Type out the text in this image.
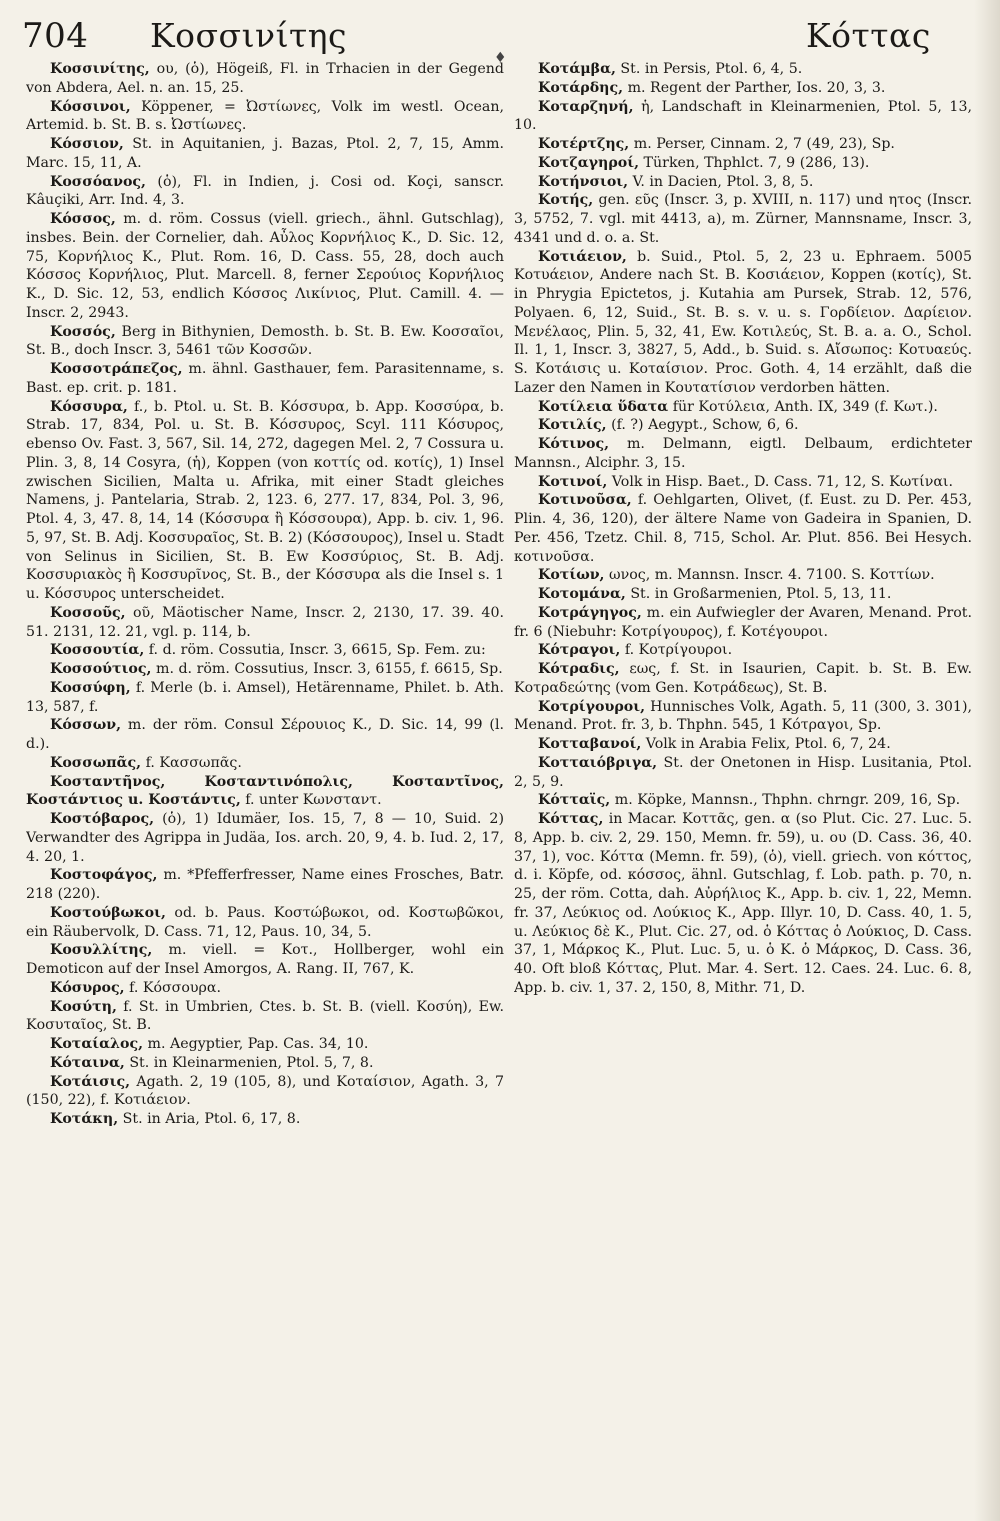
704 Κοσσινίτης	Κόττας
♦

Κοσσινίτης, ου, (ὁ), Högeiß, Fl. in Trhacien in der Gegend von Abdera, Ael. n. an. 15, 25.

Κόσσινοι, Köppener, = Ὠστίωνες, Volk im westl. Ocean, Artemid. b. St. B. s. Ὠστίωνες.

Κόσσιον, St. in Aquitanien, j. Bazas, Ptol. 2, 7, 15, Amm. Marc. 15, 11, A.

Κοσσόανος, (ὁ), Fl. in Indien, j. Cosi od. Koçi, sanscr. Kâuçiki, Arr. Ind. 4, 3.

Κόσσος, m. d. röm. Cossus (viell. griech., ähnl. Gutschlag), insbes. Bein. der Cornelier, dah. Αὖλος Κορνήλιος K., D. Sic. 12, 75, Κορνήλιος K., Plut. Rom. 16, D. Cass. 55, 28, doch auch Κόσσος Κορνήλιος, Plut. Marcell. 8, ferner Σερούιος Κορνήλιος K., D. Sic. 12, 53, endlich Κόσσος Λικίνιος, Plut. Camill. 4. — Inscr. 2, 2943.

Κοσσός, Berg in Bithynien, Demosth. b. St. B. Ew. Κοσσαῖοι, St. B., doch Inscr. 3, 5461 τῶν Κοσσῶν.

Κοσσοτράπεζος, m. ähnl. Gasthauer, fem. Parasitenname, s. Bast. ep. crit. p. 181.

Κόσσυρα, f., b. Ptol. u. St. B. Κόσσυρα, b. App. Κοσσύρα, b. Strab. 17, 834, Pol. u. St. B. Κόσσυρος, Scyl. 111 Κόσυρος, ebenso Ov. Fast. 3, 567, Sil. 14, 272, dagegen Mel. 2, 7 Cossura u. Plin. 3, 8, 14 Cosyra, (ἡ), Koppen (von κοττίς od. κοτίς), 1) Insel zwischen Sicilien, Malta u. Afrika, mit einer Stadt gleiches Namens, j. Pantelaria, Strab. 2, 123. 6, 277. 17, 834, Pol. 3, 96, Ptol. 4, 3, 47. 8, 14, 14 (Κόσσυρα ἢ Κόσσουρα), App. b. civ. 1, 96. 5, 97, St. B. Adj. Κοσσυραῖος, St. B. 2) (Κόσσουρος), Insel u. Stadt von Selinus in Sicilien, St. B. Ew Κοσσύριος, St. B. Adj. Κοσσυριακὸς ἢ Κοσσυρῖνος, St. B., der Κόσσυρα als die Insel s. 1 u. Κόσσυρος unterscheidet.

Κοσσοῦς, οῦ, Mäotischer Name, Inscr. 2, 2130, 17. 39. 40. 51. 2131, 12. 21, vgl. p. 114, b.

Κοσσουτία, f. d. röm. Cossutia, Inscr. 3, 6615, Sp. Fem. zu:

Κοσσούτιος, m. d. röm. Cossutius, Inscr. 3, 6155, f. 6615, Sp.

Κοσσύφη, f. Merle (b. i. Amsel), Hetärenname, Philet. b. Ath. 13, 587, f.

Κόσσων, m. der röm. Consul Σέρουιος K., D. Sic. 14, 99 (l. d.).

Κοσσωπᾶς, f. Κασσωπᾶς.

Κοσταντῆνος, Κοσταντινόπολις, Κοσταντῖνος, Κοστάντιος u. Κοστάντις, f. unter Κωνσταντ.

Κοστόβαρος, (ὁ), 1) Idumäer, Ios. 15, 7, 8 — 10, Suid. 2) Verwandter des Agrippa in Judäa, Ios. arch. 20, 9, 4. b. Iud. 2, 17, 4. 20, 1.

Κοστοφάγος, m. *Pfefferfresser, Name eines Frosches, Batr. 218 (220).

Κοστούβωκοι, od. b. Paus. Κοστώβωκοι, od. Κοστωβῶκοι, ein Räubervolk, D. Cass. 71, 12, Paus. 10, 34, 5.

Κοσυλλίτης, m. viell. = Κοτ., Hollberger, wohl ein Demoticon auf der Insel Amorgos, A. Rang. II, 767, K.

Κόσυρος, f. Κόσσουρα.

Κοσύτη, f. St. in Umbrien, Ctes. b. St. B. (viell. Κοσύη), Ew. Κοσυταῖος, St. B.

Κοταίαλος, m. Aegyptier, Pap. Cas. 34, 10.

Κόταινα, St. in Kleinarmenien, Ptol. 5, 7, 8.

Κοτάισις, Agath. 2, 19 (105, 8), und Κοταίσιον, Agath. 3, 7 (150, 22), f. Κοτιάειον.

Κοτάκη, St. in Aria, Ptol. 6, 17, 8.

Κοτάμβα, St. in Persis, Ptol. 6, 4, 5.

Κοτάρδης, m. Regent der Parther, Ios. 20, 3, 3.

Κοταρζηνή, ἡ, Landschaft in Kleinarmenien, Ptol. 5, 13, 10.

Κοτέρτζης, m. Perser, Cinnam. 2, 7 (49, 23), Sp.

Κοτζαγηροί, Türken, Thphlct. 7, 9 (286, 13).

Κοτήνσιοι, V. in Dacien, Ptol. 3, 8, 5.

Κοτής, gen. εῦς (Inscr. 3, p. XVIII, n. 117) und ητος (Inscr. 3, 5752, 7. vgl. mit 4413, a), m. Zürner, Mannsname, Inscr. 3, 4341 und d. o. a. St.

Κοτιάειον, b. Suid., Ptol. 5, 2, 23 u. Ephraem. 5005 Κοτυάειον, Andere nach St. B. Κοσιάειον, Koppen (κοτίς), St. in Phrygia Epictetos, j. Kutahia am Pursek, Strab. 12, 576, Polyaen. 6, 12, Suid., St. B. s. v. u. s. Γορδίειον. Δαρίειον. Μενέλαος, Plin. 5, 32, 41, Ew. Κοτιλεύς, St. B. a. a. O., Schol. Il. 1, 1, Inscr. 3, 3827, 5, Add., b. Suid. s. Αἴσωπος: Κοτυαεύς. S. Κοτάισις u. Κοταίσιον. Proc. Goth. 4, 14 erzählt, daß die Lazer den Namen in Κουτατίσιον verdorben hätten.

Κοτίλεια ὕδατα für Κοτύλεια, Anth. IX, 349 (f. Κωτ.).

Κοτιλίς, (f. ?) Aegypt., Schow, 6, 6.

Κότινος, m. Delmann, eigtl. Delbaum, erdichteter Mannsn., Alciphr. 3, 15.

Κοτινοί, Volk in Hisp. Baet., D. Cass. 71, 12, S. Κωτίναι.

Κοτινοῦσα, f. Oehlgarten, Olivet, (f. Eust. zu D. Per. 453, Plin. 4, 36, 120), der ältere Name von Gadeira in Spanien, D. Per. 456, Tzetz. Chil. 8, 715, Schol. Ar. Plut. 856. Bei Hesych. κοτινοῦσα.

Κοτίων, ωνος, m. Mannsn. Inscr. 4. 7100. S. Κοττίων.

Κοτομάνα, St. in Großarmenien, Ptol. 5, 13, 11.

Κοτράγηγος, m. ein Aufwiegler der Avaren, Menand. Prot. fr. 6 (Niebuhr: Κοτρίγουρος), f. Κοτέγουροι.

Κότραγοι, f. Κοτρίγουροι.

Κότραδις, εως, f. St. in Isaurien, Capit. b. St. B. Ew. Κοτραδεώτης (vom Gen. Κοτράδεως), St. B.

Κοτρίγουροι, Hunnisches Volk, Agath. 5, 11 (300, 3. 301), Menand. Prot. fr. 3, b. Thphn. 545, 1 Κότραγοι, Sp.

Κοτταβανοί, Volk in Arabia Felix, Ptol. 6, 7, 24.

Κοτταιόβριγα, St. der Onetonen in Hisp. Lusitania, Ptol. 2, 5, 9.

Κότταϊς, m. Köpke, Mannsn., Thphn. chrngr. 209, 16, Sp.

Κόττας, in Macar. Κοττᾶς, gen. α (so Plut. Cic. 27. Luc. 5. 8, App. b. civ. 2, 29. 150, Memn. fr. 59), u. ου (D. Cass. 36, 40. 37, 1), voc. Κόττα (Memn. fr. 59), (ὁ), viell. griech. von κόττος, d. i. Köpfe, od. κόσσος, ähnl. Gutschlag, f. Lob. path. p. 70, n. 25, der röm. Cotta, dah. Αὐρήλιος K., App. b. civ. 1, 22, Memn. fr. 37, Λεύκιος od. Λούκιος K., App. Illyr. 10, D. Cass. 40, 1. 5, u. Λεύκιος δὲ K., Plut. Cic. 27, od. ὁ Κόττας ὁ Λούκιος, D. Cass. 37, 1, Μάρκος K., Plut. Luc. 5, u. ὁ K. ὁ Μάρκος, D. Cass. 36, 40. Oft bloß Κόττας, Plut. Mar. 4. Sert. 12. Caes. 24. Luc. 6. 8, App. b. civ. 1, 37. 2, 150, 8, Mithr. 71, D.
